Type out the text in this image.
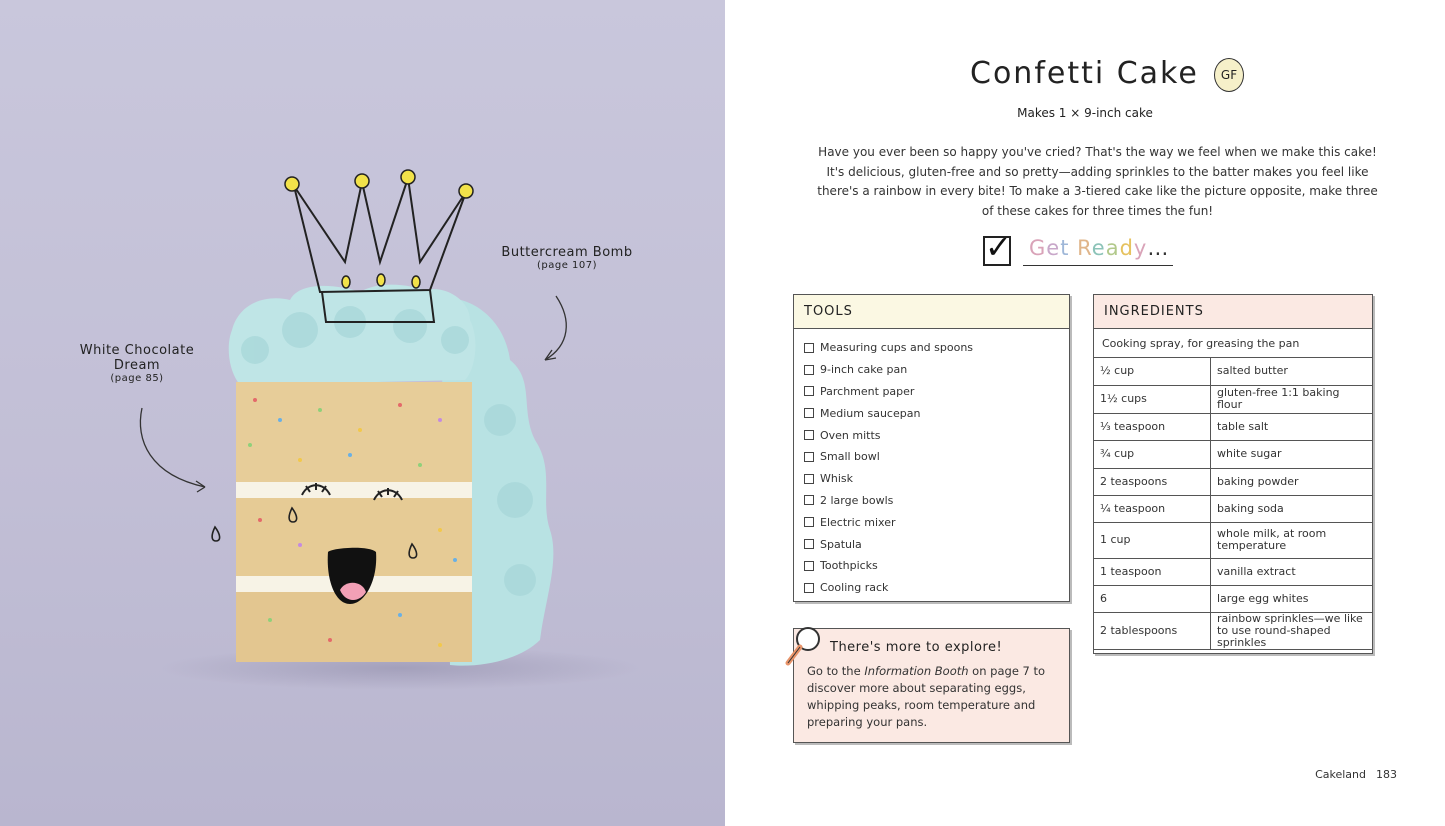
Buttercream Bomb
(page 107)
White Chocolate Dream
(page 85)
Confetti Cake	GF
Makes 1 × 9-inch cake
Have you ever been so happy you've cried? That's the way we feel when we make this cake! It's delicious, gluten-free and so pretty—adding sprinkles to the batter makes you feel like there's a rainbow in every bite! To make a 3-tiered cake like the picture opposite, make three of these cakes for three times the fun!
✓ Get Ready…
TOOLS
Measuring cups and spoons
9-inch cake pan
Parchment paper
Medium saucepan
Oven mitts
Small bowl
Whisk
2 large bowls
Electric mixer
Spatula
Toothpicks
Cooling rack
INGREDIENTS
Cooking spray, for greasing the pan
½ cup	salted butter
1½ cups	gluten-free 1:1 baking flour
⅓ teaspoon	table salt
¾ cup	white sugar
2 teaspoons	baking powder
¼ teaspoon	baking soda
1 cup	whole milk, at room temperature
1 teaspoon	vanilla extract
6	large egg whites
2 tablespoons	rainbow sprinkles—we like to use round-shaped sprinkles
There's more to explore!
Go to the Information Booth on page 7 to discover more about separating eggs, whipping peaks, room temperature and preparing your pans.
Cakeland 183
